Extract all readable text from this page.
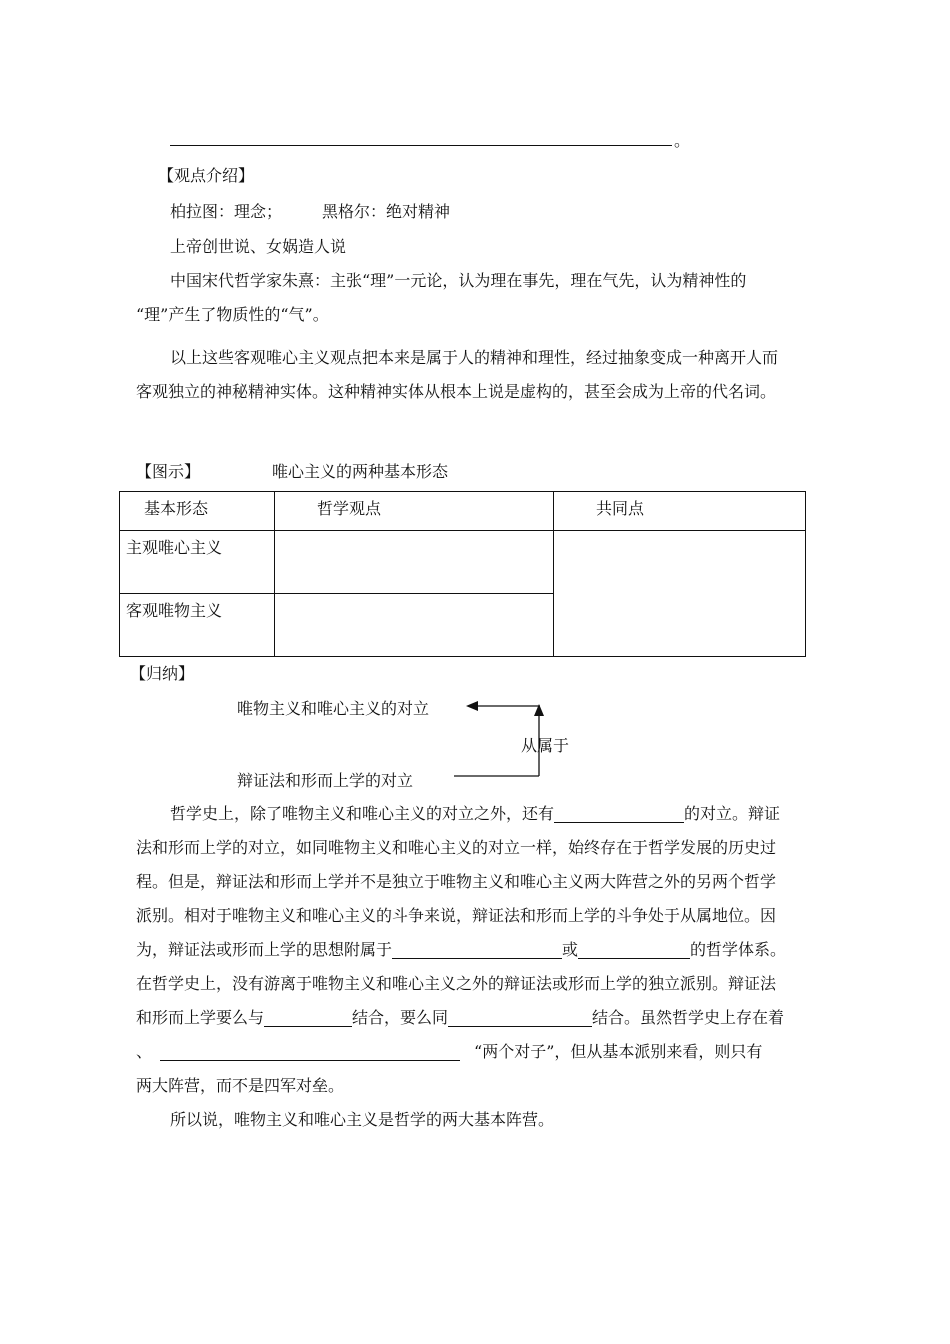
。
【观点介绍】
柏拉图：理念； 黑格尔：绝对精神
上帝创世说、女娲造人说
中国宋代哲学家朱熹：主张“理”一元论，认为理在事先，理在气先，认为精神性的
“理”产生了物质性的“气”。
以上这些客观唯心主义观点把本来是属于人的精神和理性，经过抽象变成一种离开人而
客观独立的神秘精神实体。这种精神实体从根本上说是虚构的，甚至会成为上帝的代名词。
【图示】	唯心主义的两种基本形态
基本形态	哲学观点	共同点
主观唯心主义		
客观唯物主义		
【归纳】
唯物主义和唯心主义的对立
从属于
辩证法和形而上学的对立
哲学史上，除了唯物主义和唯心主义的对立之外，还有	的对立。辩证
法和形而上学的对立，如同唯物主义和唯心主义的对立一样，始终存在于哲学发展的历史过
程。但是，辩证法和形而上学并不是独立于唯物主义和唯心主义两大阵营之外的另两个哲学
派别。相对于唯物主义和唯心主义的斗争来说，辩证法和形而上学的斗争处于从属地位。因
为，辩证法或形而上学的思想附属于	或	的哲学体系。
在哲学史上，没有游离于唯物主义和唯心主义之外的辩证法或形而上学的独立派别。辩证法
和形而上学要么与	结合，要么同	结合。虽然哲学史上存在着
、	“两个对子”，但从基本派别来看，则只有
两大阵营，而不是四军对垒。
所以说，唯物主义和唯心主义是哲学的两大基本阵营。
